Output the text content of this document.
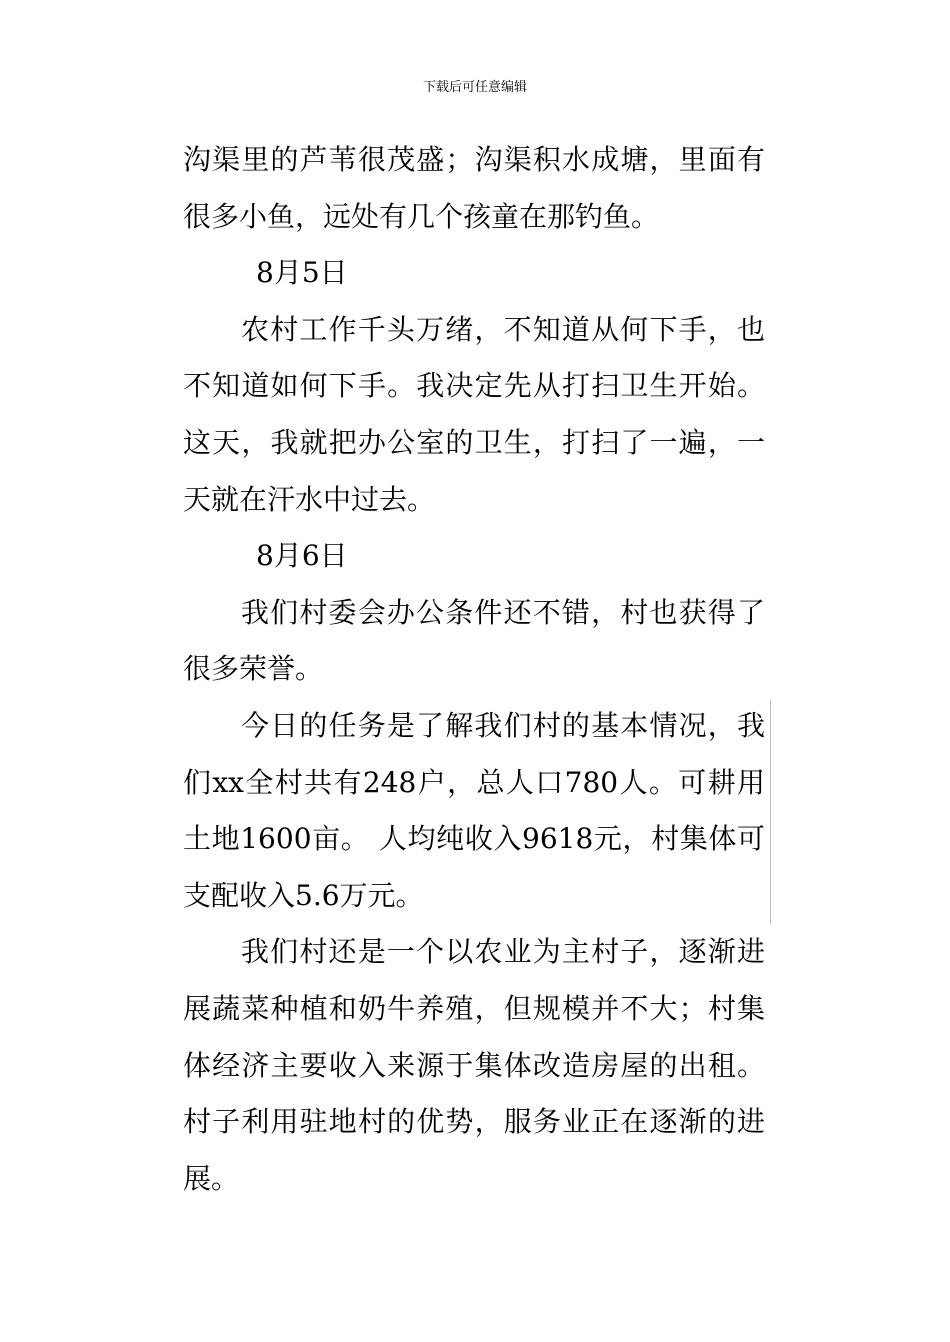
下载后可任意编辑

沟渠里的芦苇很茂盛；沟渠积水成塘，里面有很多小鱼，远处有几个孩童在那钓鱼。

8月5日

农村工作千头万绪，不知道从何下手，也不知道如何下手。我决定先从打扫卫生开始。这天，我就把办公室的卫生，打扫了一遍，一天就在汗水中过去。

8月6日

我们村委会办公条件还不错，村也获得了很多荣誉。

今日的任务是了解我们村的基本情况，我们xx全村共有248户，总人口780人。可耕用土地1600亩。 人均纯收入9618元，村集体可支配收入5.6万元。

我们村还是一个以农业为主村子，逐渐进展蔬菜种植和奶牛养殖，但规模并不大；村集体经济主要收入来源于集体改造房屋的出租。村子利用驻地村的优势，服务业正在逐渐的进展。
